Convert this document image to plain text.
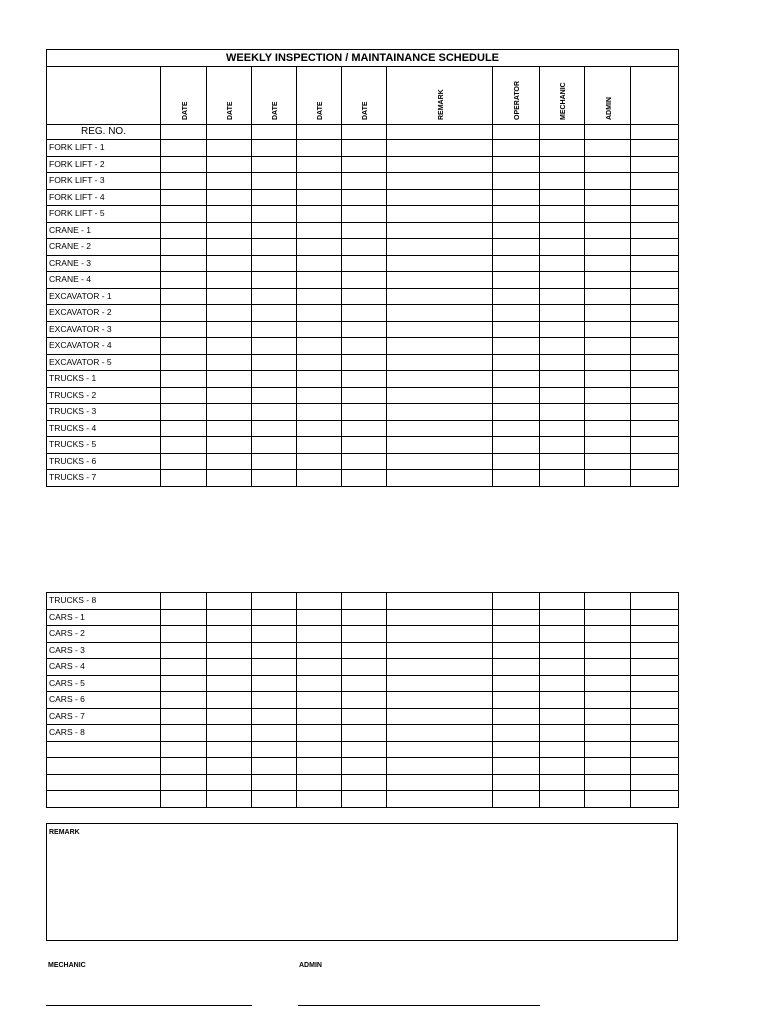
WEEKLY INSPECTION / MAINTAINANCE SCHEDULE										

	DATE	DATE	DATE	DATE	DATE	REMARK	OPERATOR	MECHANIC	ADMIN	

REG. NO.										
FORK LIFT - 1										
FORK LIFT - 2										
FORK LIFT - 3										
FORK LIFT - 4										
FORK LIFT - 5										
CRANE - 1										
CRANE - 2										
CRANE - 3										
CRANE - 4										
EXCAVATOR - 1										
EXCAVATOR - 2										
EXCAVATOR - 3										
EXCAVATOR - 4										
EXCAVATOR - 5										
TRUCKS - 1										
TRUCKS - 2										
TRUCKS - 3										
TRUCKS - 4										
TRUCKS - 5										
TRUCKS - 6										
TRUCKS - 7										
TRUCKS - 8										
CARS - 1										
CARS - 2										
CARS - 3										
CARS - 4										
CARS - 5										
CARS - 6										
CARS - 7										
CARS - 8										

REMARK
MECHANIC	ADMIN
